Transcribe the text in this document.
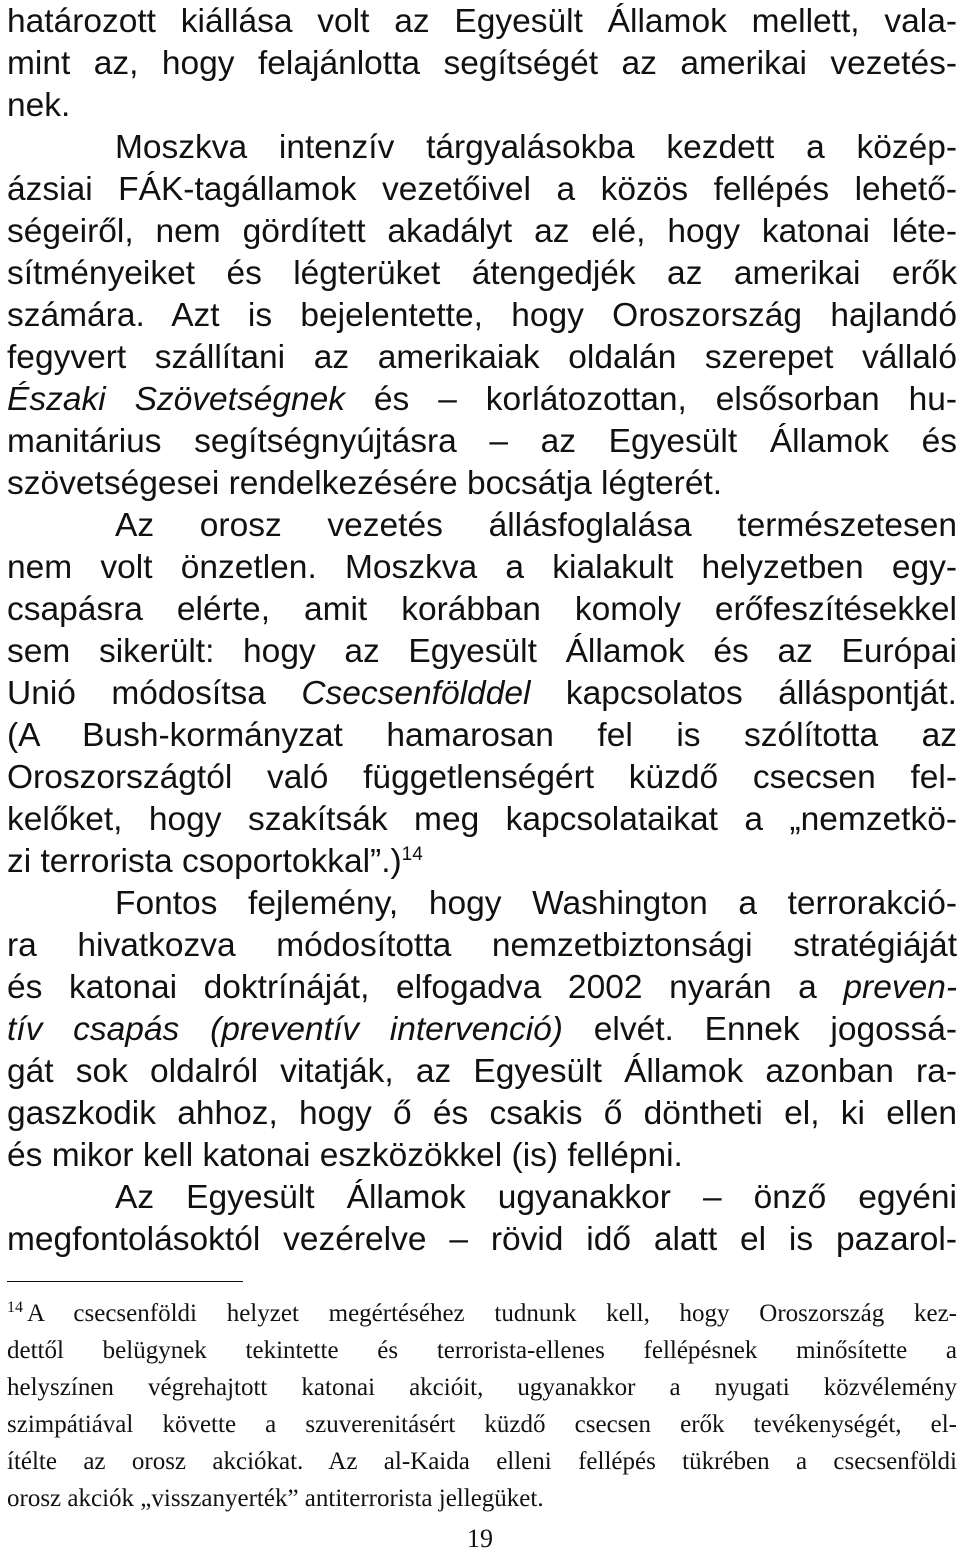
határozott kiállása volt az Egyesült Államok mellett, vala-
mint az, hogy felajánlotta segítségét az amerikai vezetés-
nek.
Moszkva intenzív tárgyalásokba kezdett a közép-
ázsiai FÁK-tagállamok vezetőivel a közös fellépés lehető-
ségeiről, nem gördített akadályt az elé, hogy katonai léte-
sítményeiket és légterüket átengedjék az amerikai erők
számára. Azt is bejelentette, hogy Oroszország hajlandó
fegyvert szállítani az amerikaiak oldalán szerepet vállaló
Északi Szövetségnek és – korlátozottan, elsősorban hu-
manitárius segítségnyújtásra – az Egyesült Államok és
szövetségesei rendelkezésére bocsátja légterét.
Az orosz vezetés állásfoglalása természetesen
nem volt önzetlen. Moszkva a kialakult helyzetben egy-
csapásra elérte, amit korábban komoly erőfeszítésekkel
sem sikerült: hogy az Egyesült Államok és az Európai
Unió módosítsa Csecsenfölddel kapcsolatos álláspontját.
(A Bush-kormányzat hamarosan fel is szólította az
Oroszországtól való függetlenségért küzdő csecsen fel-
kelőket, hogy szakítsák meg kapcsolataikat a „nemzetkö-
zi terrorista csoportokkal”.)$^{14}$
Fontos fejlemény, hogy Washington a terrorakció-
ra hivatkozva módosította nemzetbiztonsági stratégiáját
és katonai doktrínáját, elfogadva 2002 nyarán a preven-
tív csapás (preventív intervenció) elvét. Ennek jogossá-
gát sok oldalról vitatják, az Egyesült Államok azonban ra-
gaszkodik ahhoz, hogy ő és csakis ő döntheti el, ki ellen
és mikor kell katonai eszközökkel (is) fellépni.
Az Egyesült Államok ugyanakkor – önző egyéni
megfontolásoktól vezérelve – rövid idő alatt el is pazarol-
$^{14}$ A csecsenföldi helyzet megértéséhez tudnunk kell, hogy Oroszország kez-
dettől belügynek tekintette és terrorista-ellenes fellépésnek minősítette a
helyszínen végrehajtott katonai akcióit, ugyanakkor a nyugati közvélemény
szimpátiával követte a szuverenitásért küzdő csecsen erők tevékenységét, el-
ítélte az orosz akciókat. Az al-Kaida elleni fellépés tükrében a csecsenföldi
orosz akciók „visszanyerték” antiterrorista jellegüket.
19
